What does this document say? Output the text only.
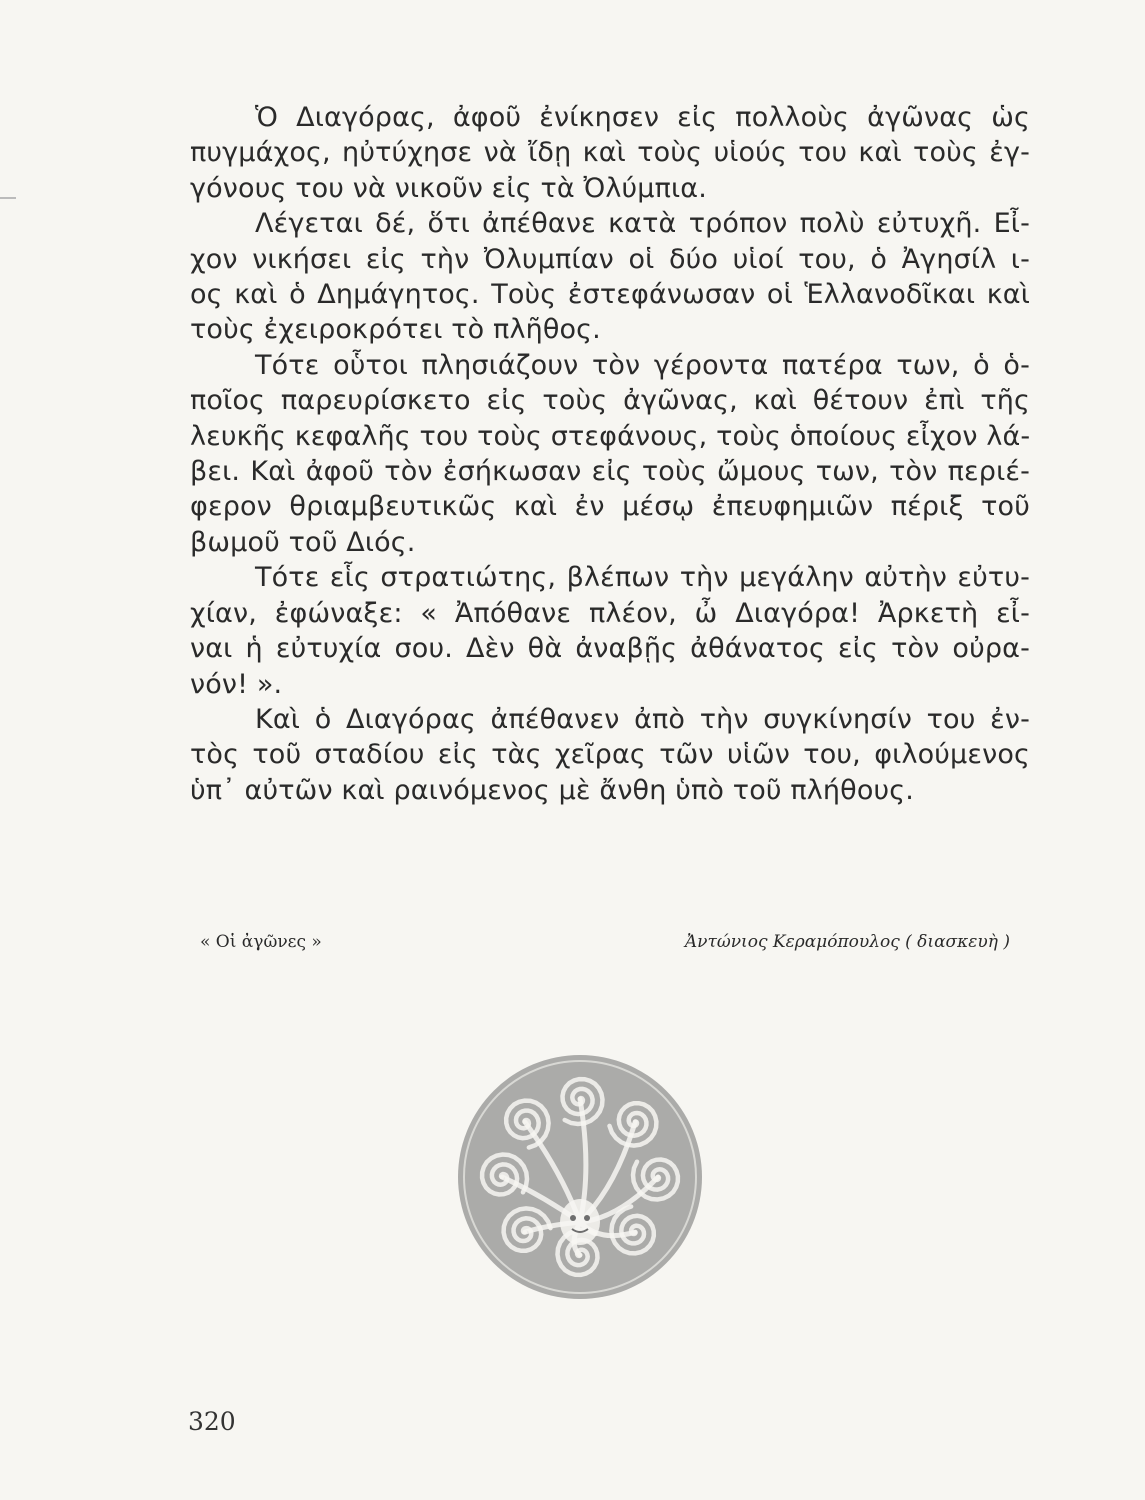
Ὁ Διαγόρας, ἀφοῦ ἐνίκησεν εἰς πολλοὺς ἀγῶνας ὡς
πυγμάχος, ηὐτύχησε νὰ ἴδῃ καὶ τοὺς υἱούς του καὶ τοὺς ἐγ-
γόνους του νὰ νικοῦν εἰς τὰ Ὀλύμπια.
Λέγεται δέ, ὅτι ἀπέθανε κατὰ τρόπον πολὺ εὐτυχῆ. Εἶ-
χον νικήσει εἰς τὴν Ὀλυμπίαν οἱ δύο υἱοί του, ὁ Ἀγησίλ ι-
ος καὶ ὁ Δημάγητος. Τοὺς ἐστεφάνωσαν οἱ Ἑλλανοδῖκαι καὶ
τοὺς ἐχειροκρότει τὸ πλῆθος.
Τότε οὗτοι πλησιάζουν τὸν γέροντα πατέρα των, ὁ ὁ-
ποῖος παρευρίσκετο εἰς τοὺς ἀγῶνας, καὶ θέτουν ἐπὶ τῆς
λευκῆς κεφαλῆς του τοὺς στεφάνους, τοὺς ὁποίους εἶχον λά-
βει. Καὶ ἀφοῦ τὸν ἐσήκωσαν εἰς τοὺς ὤμους των, τὸν περιέ-
φερον θριαμβευτικῶς καὶ ἐν μέσῳ ἐπευφημιῶν πέριξ τοῦ
βωμοῦ τοῦ Διός.
Τότε εἷς στρατιώτης, βλέπων τὴν μεγάλην αὐτὴν εὐτυ-
χίαν, ἐφώναξε: « Ἀπόθανε πλέον, ὦ Διαγόρα! Ἀρκετὴ εἶ-
ναι ἡ εὐτυχία σου. Δὲν θὰ ἀναβῇς ἀθάνατος εἰς τὸν οὐρα-
νόν! ».
Καὶ ὁ Διαγόρας ἀπέθανεν ἀπὸ τὴν συγκίνησίν του ἐν-
τὸς τοῦ σταδίου εἰς τὰς χεῖρας τῶν υἱῶν του, φιλούμενος
ὑπ᾿ αὐτῶν καὶ ραινόμενος μὲ ἄνθη ὑπὸ τοῦ πλήθους.
« Οἱ ἀγῶνες »	Ἀντώνιος Κεραμόπουλος ( διασκευὴ )
320
